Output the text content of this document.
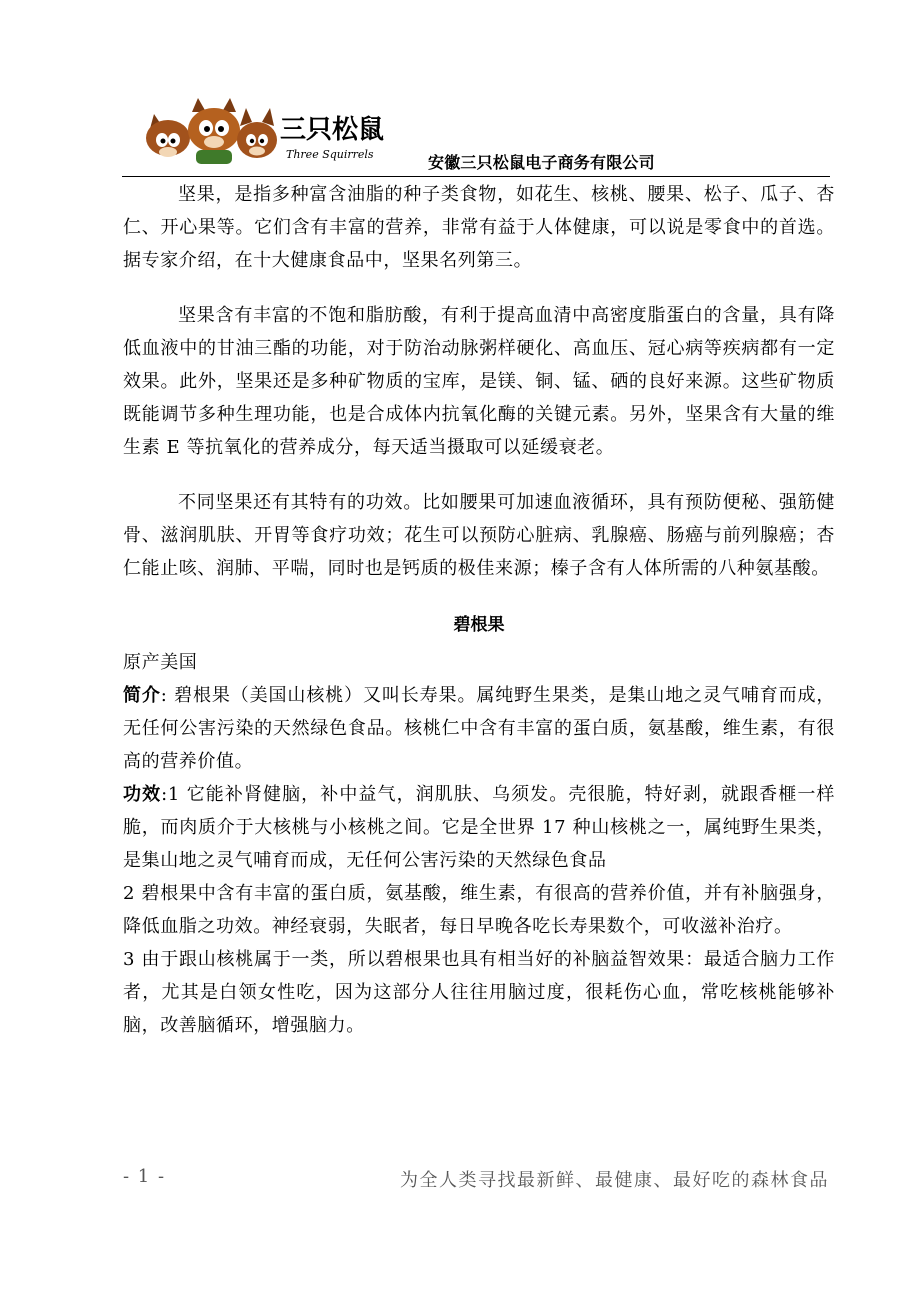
三只松鼠
Three Squirrels	安徽三只松鼠电子商务有限公司

坚果，是指多种富含油脂的种子类食物，如花生、核桃、腰果、松子、瓜子、杏仁、开心果等。它们含有丰富的营养，非常有益于人体健康，可以说是零食中的首选。据专家介绍，在十大健康食品中，坚果名列第三。

坚果含有丰富的不饱和脂肪酸，有利于提高血清中高密度脂蛋白的含量，具有降低血液中的甘油三酯的功能，对于防治动脉粥样硬化、高血压、冠心病等疾病都有一定效果。此外，坚果还是多种矿物质的宝库，是镁、铜、锰、硒的良好来源。这些矿物质既能调节多种生理功能，也是合成体内抗氧化酶的关键元素。另外，坚果含有大量的维生素 E 等抗氧化的营养成分，每天适当摄取可以延缓衰老。

不同坚果还有其特有的功效。比如腰果可加速血液循环，具有预防便秘、强筋健骨、滋润肌肤、开胃等食疗功效；花生可以预防心脏病、乳腺癌、肠癌与前列腺癌；杏仁能止咳、润肺、平喘，同时也是钙质的极佳来源；榛子含有人体所需的八种氨基酸。

碧根果

原产美国

简介: 碧根果（美国山核桃）又叫长寿果。属纯野生果类，是集山地之灵气哺育而成，无任何公害污染的天然绿色食品。核桃仁中含有丰富的蛋白质，氨基酸，维生素，有很高的营养价值。

功效:1 它能补肾健脑，补中益气，润肌肤、乌须发。壳很脆，特好剥，就跟香榧一样脆，而肉质介于大核桃与小核桃之间。它是全世界 17 种山核桃之一，属纯野生果类，是集山地之灵气哺育而成，无任何公害污染的天然绿色食品

2 碧根果中含有丰富的蛋白质，氨基酸，维生素，有很高的营养价值，并有补脑强身，降低血脂之功效。神经衰弱，失眠者，每日早晚各吃长寿果数个，可收滋补治疗。

3 由于跟山核桃属于一类，所以碧根果也具有相当好的补脑益智效果：最适合脑力工作者，尤其是白领女性吃，因为这部分人往往用脑过度，很耗伤心血，常吃核桃能够补脑，改善脑循环，增强脑力。

- 1 -	为全人类寻找最新鲜、最健康、最好吃的森林食品
